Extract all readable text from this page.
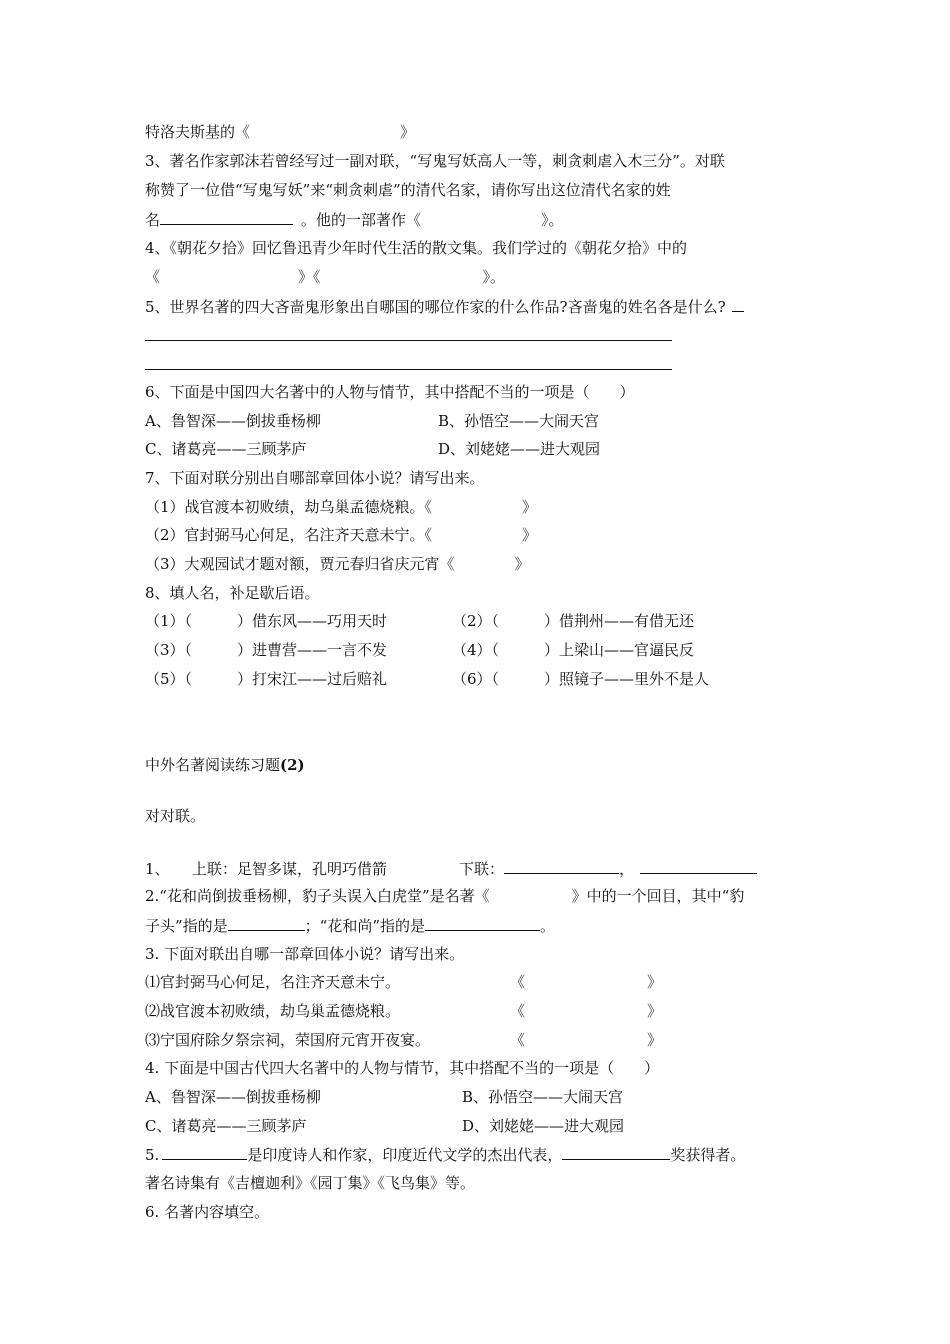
特洛夫斯基的《	》
3、著名作家郭沫若曾经写过一副对联，“写鬼写妖高人一等，刺贪刺虐入木三分”。对联
称赞了一位借“写鬼写妖”来“刺贪刺虐”的清代名家，请你写出这位清代名家的姓
名	。他的一部著作《	》。
4、《朝花夕拾》回忆鲁迅青少年时代生活的散文集。我们学过的《朝花夕拾》中的
《	》《	》。
5、世界名著的四大吝啬鬼形象出自哪国的哪位作家的什么作品?吝啬鬼的姓名各是什么?
6、下面是中国四大名著中的人物与情节，其中搭配不当的一项是（　　）
A、鲁智深——倒拔垂杨柳	B、孙悟空——大闹天宫
C、诸葛亮——三顾茅庐	D、刘姥姥——进大观园
7、下面对联分别出自哪部章回体小说？请写出来。
（1）战官渡本初败绩，劫乌巢孟德烧粮。《	》
（2）官封弼马心何足，名注齐天意未宁。《	》
（3）大观园试才题对额，贾元春归省庆元宵《	》
8、填人名，补足歇后语。
（1）（　　　）借东风——巧用天时	（2）（　　　）借荆州——有借无还
（3）（　　　）进曹营——一言不发	（4）（　　　）上梁山——官逼民反
（5）（　　　）打宋江——过后赔礼	（6）（　　　）照镜子——里外不是人
中外名著阅读练习题(2)
对对联。
1、　　上联：足智多谋，孔明巧借箭	下联：	，
2.“花和尚倒拔垂杨柳，豹子头误入白虎堂”是名著《	》中的一个回目，其中“豹
子头”指的是	；“花和尚”指的是	。
3. 下面对联出自哪一部章回体小说？请写出来。
⑴官封弼马心何足，名注齐天意未宁。	《	》
⑵战官渡本初败绩，劫乌巢孟德烧粮。	《	》
⑶宁国府除夕祭宗祠，荣国府元宵开夜宴。	《	》
4. 下面是中国古代四大名著中的人物与情节，其中搭配不当的一项是（　　）
A、鲁智深——倒拔垂杨柳	B、孙悟空——大闹天宫
C、诸葛亮——三顾茅庐	D、刘姥姥——进大观园
5.	是印度诗人和作家，印度近代文学的杰出代表，	奖获得者。
著名诗集有《吉檀迦利》《园丁集》《飞鸟集》等。
6. 名著内容填空。
